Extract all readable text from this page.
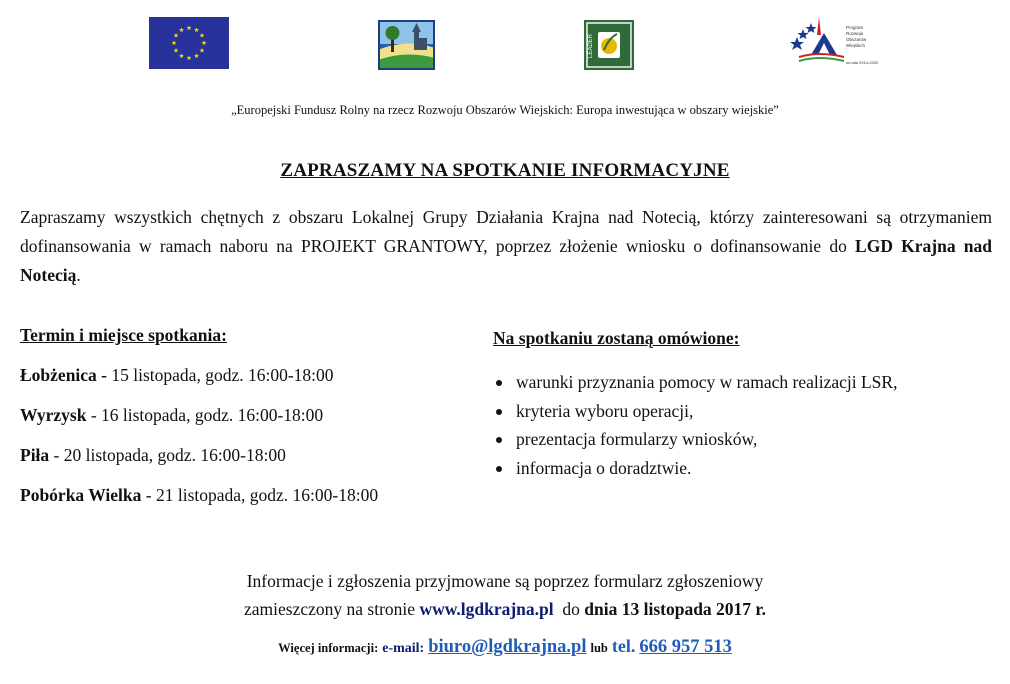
LEADER
Program
Rozwoju
Obszarów
Wiejskich
na lata 2014-2020
„Europejski Fundusz Rolny na rzecz Rozwoju Obszarów Wiejskich: Europa inwestująca w obszary wiejskie”
ZAPRASZAMY NA SPOTKANIE INFORMACYJNE

Zapraszamy wszystkich chętnych z obszaru Lokalnej Grupy Działania Krajna nad Notecią, którzy zainteresowani są otrzymaniem dofinansowania w ramach naboru na PROJEKT GRANTOWY, poprzez złożenie wniosku o dofinansowanie do LGD Krajna nad Notecią.

Termin i miejsce spotkania:

Łobżenica - 15 listopada, godz. 16:00-18:00

Wyrzysk - 16 listopada, godz. 16:00-18:00

Piła - 20 listopada, godz. 16:00-18:00

Pobórka Wielka - 21 listopada, godz. 16:00-18:00

Na spotkaniu zostaną omówione:

warunki przyznania pomocy w ramach realizacji LSR,
kryteria wyboru operacji,
prezentacja formularzy wniosków,
informacja o doradztwie.
Informacje i zgłoszenia przyjmowane są poprzez formularz zgłoszeniowy
zamieszczony na stronie www.lgdkrajna.pl  do dnia 13 listopada 2017 r.
Więcej informacji: e-mail: biuro@lgdkrajna.pl lub tel. 666 957 513
